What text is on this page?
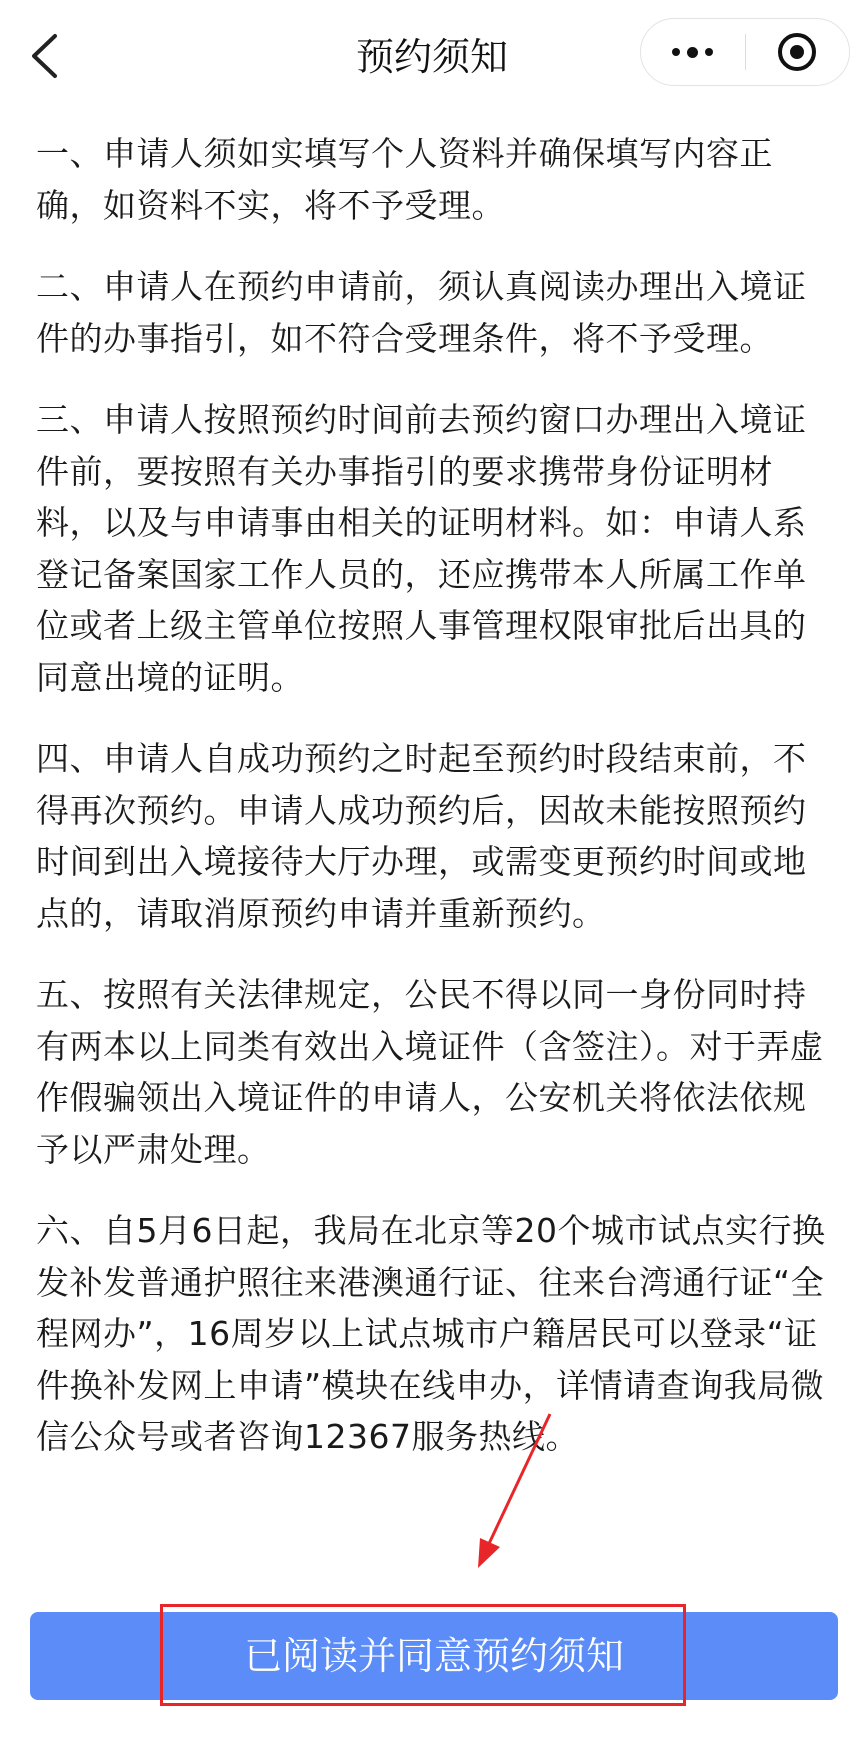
预约须知

一、申请人须如实填写个人资料并确保填写内容正确，如资料不实，将不予受理。

二、申请人在预约申请前，须认真阅读办理出入境证件的办事指引，如不符合受理条件，将不予受理。

三、申请人按照预约时间前去预约窗口办理出入境证件前，要按照有关办事指引的要求携带身份证明材料，以及与申请事由相关的证明材料。如：申请人系登记备案国家工作人员的，还应携带本人所属工作单位或者上级主管单位按照人事管理权限审批后出具的同意出境的证明。

四、申请人自成功预约之时起至预约时段结束前，不得再次预约。申请人成功预约后，因故未能按照预约时间到出入境接待大厅办理，或需变更预约时间或地点的，请取消原预约申请并重新预约。

五、按照有关法律规定，公民不得以同一身份同时持有两本以上同类有效出入境证件（含签注）。对于弄虚作假骗领出入境证件的申请人，公安机关将依法依规予以严肃处理。

六、自5月6日起，我局在北京等20个城市试点实行换发补发普通护照往来港澳通行证、往来台湾通行证“全程网办”，16周岁以上试点城市户籍居民可以登录“证件换补发网上申请”模块在线申办，详情请查询我局微信公众号或者咨询12367服务热线。

已阅读并同意预约须知
